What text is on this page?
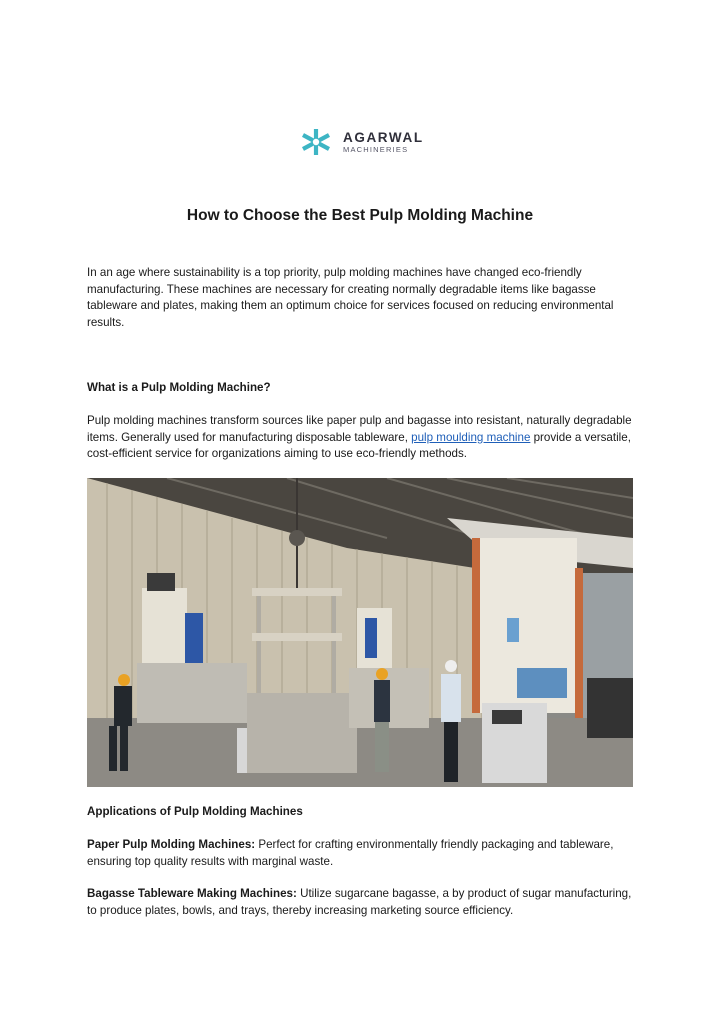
AGARWAL
MACHINERIES
How to Choose the Best Pulp Molding Machine

In an age where sustainability is a top priority, pulp molding machines have changed eco-friendly manufacturing. These machines are necessary for creating normally degradable items like bagasse tableware and plates, making them an optimum choice for services focused on reducing environmental results.

What is a Pulp Molding Machine?

Pulp molding machines transform sources like paper pulp and bagasse into resistant, naturally degradable items. Generally used for manufacturing disposable tableware, pulp moulding machine provide a versatile, cost-efficient service for organizations aiming to use eco-friendly methods.

Applications of Pulp Molding Machines

Paper Pulp Molding Machines: Perfect for crafting environmentally friendly packaging and tableware, ensuring top quality results with marginal waste.

Bagasse Tableware Making Machines: Utilize sugarcane bagasse, a by product of sugar manufacturing, to produce plates, bowls, and trays, thereby increasing marketing source efficiency.
